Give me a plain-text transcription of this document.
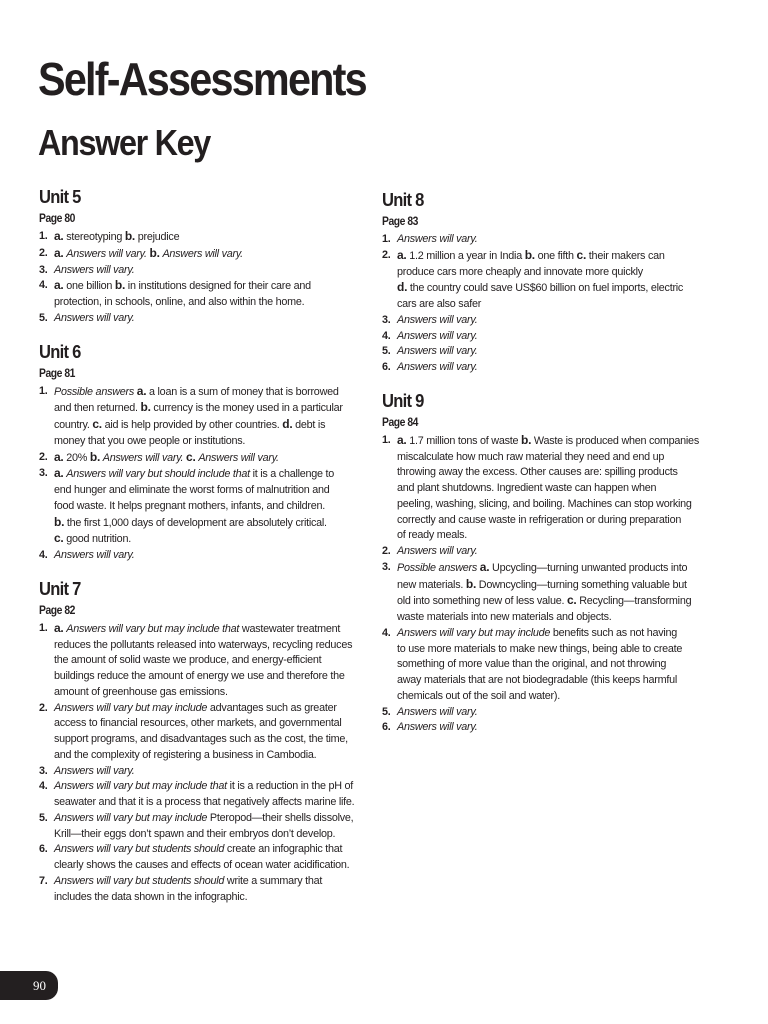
Self-Assessments
Answer Key
Unit 5
Page 80
1. a. stereotyping b. prejudice
2. a. Answers will vary. b. Answers will vary.
3. Answers will vary.
4. a. one billion b. in institutions designed for their care and
protection, in schools, online, and also within the home.
5. Answers will vary.
Unit 6
Page 81
1. Possible answers a. a loan is a sum of money that is borrowed
and then returned. b. currency is the money used in a particular
country. c. aid is help provided by other countries. d. debt is
money that you owe people or institutions.
2. a. 20% b. Answers will vary. c. Answers will vary.
3. a. Answers will vary but should include that it is a challenge to
end hunger and eliminate the worst forms of malnutrition and
food waste. It helps pregnant mothers, infants, and children.
b. the first 1,000 days of development are absolutely critical.
c. good nutrition.
4. Answers will vary.
Unit 7
Page 82
1. a. Answers will vary but may include that wastewater treatment
reduces the pollutants released into waterways, recycling reduces
the amount of solid waste we produce, and energy-efficient
buildings reduce the amount of energy we use and therefore the
amount of greenhouse gas emissions.
2. Answers will vary but may include advantages such as greater
access to financial resources, other markets, and governmental
support programs, and disadvantages such as the cost, the time,
and the complexity of registering a business in Cambodia.
3. Answers will vary.
4. Answers will vary but may include that it is a reduction in the pH of
seawater and that it is a process that negatively affects marine life.
5. Answers will vary but may include Pteropod—their shells dissolve,
Krill—their eggs don’t spawn and their embryos don’t develop.
6. Answers will vary but students should create an infographic that
clearly shows the causes and effects of ocean water acidification.
7. Answers will vary but students should write a summary that
includes the data shown in the infographic.
Unit 8
Page 83
1. Answers will vary.
2. a. 1.2 million a year in India b. one fifth c. their makers can
produce cars more cheaply and innovate more quickly
d. the country could save US$60 billion on fuel imports, electric
cars are also safer
3. Answers will vary.
4. Answers will vary.
5. Answers will vary.
6. Answers will vary.
Unit 9
Page 84
1. a. 1.7 million tons of waste b. Waste is produced when companies
miscalculate how much raw material they need and end up
throwing away the excess. Other causes are: spilling products
and plant shutdowns. Ingredient waste can happen when
peeling, washing, slicing, and boiling. Machines can stop working
correctly and cause waste in refrigeration or during preparation
of ready meals.
2. Answers will vary.
3. Possible answers a. Upcycling—turning unwanted products into
new materials. b. Downcycling—turning something valuable but
old into something new of less value. c. Recycling—transforming
waste materials into new materials and objects.
4. Answers will vary but may include benefits such as not having
to use more materials to make new things, being able to create
something of more value than the original, and not throwing
away materials that are not biodegradable (this keeps harmful
chemicals out of the soil and water).
5. Answers will vary.
6. Answers will vary.
90
